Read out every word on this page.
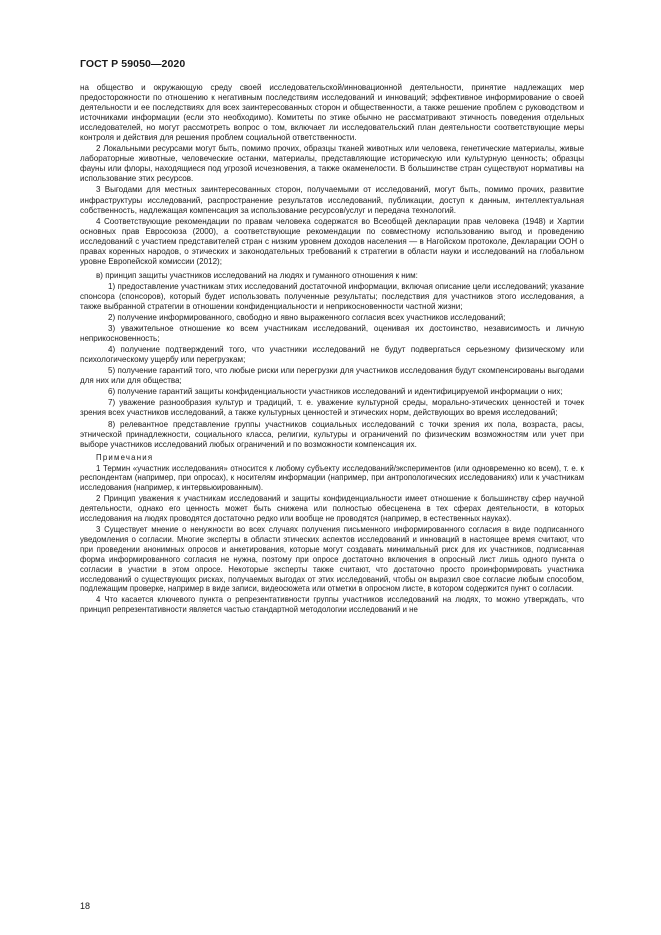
ГОСТ Р 59050—2020

на общество и окружающую среду своей исследовательской/инновационной деятельности, принятие надлежащих мер предосторожности по отношению к негативным последствиям исследований и инноваций; эффективное информирование о своей деятельности и ее последствиях для всех заинтересованных сторон и общественности, а также решение проблем с руководством и источниками информации (если это необходимо). Комитеты по этике обычно не рассматривают этичность поведения отдельных исследователей, но могут рассмотреть вопрос о том, включает ли исследовательский план деятельности соответствующие меры контроля и действия для решения проблем социальной ответственности.

2 Локальными ресурсами могут быть, помимо прочих, образцы тканей животных или человека, генетические материалы, живые лабораторные животные, человеческие останки, материалы, представляющие историческую или культурную ценность; образцы фауны или флоры, находящиеся под угрозой исчезновения, а также окаменелости. В большинстве стран существуют нормативы на использование этих ресурсов.

3 Выгодами для местных заинтересованных сторон, получаемыми от исследований, могут быть, помимо прочих, развитие инфраструктуры исследований, распространение результатов исследований, публикации, доступ к данным, интеллектуальная собственность, надлежащая компенсация за использование ресурсов/услуг и передача технологий.

4 Соответствующие рекомендации по правам человека содержатся во Всеобщей декларации прав человека (1948) и Хартии основных прав Евросоюза (2000), а соответствующие рекомендации по совместному использованию выгод и проведению исследований с участием представителей стран с низким уровнем доходов населения — в Нагойском протоколе, Декларации ООН о правах коренных народов, о этических и законодательных требований к стратегии в области науки и исследований на глобальном уровне Европейской комиссии (2012);

в) принцип защиты участников исследований на людях и гуманного отношения к ним:

1) предоставление участникам этих исследований достаточной информации, включая описание цели исследований; указание спонсора (спонсоров), который будет использовать полученные результаты; последствия для участников этого исследования, а также выбранной стратегии в отношении конфиденциальности и неприкосновенности частной жизни;

2) получение информированного, свободно и явно выраженного согласия всех участников исследований;

3) уважительное отношение ко всем участникам исследований, оценивая их достоинство, независимость и личную неприкосновенность;

4) получение подтверждений того, что участники исследований не будут подвергаться серьезному физическому или психологическому ущербу или перегрузкам;

5) получение гарантий того, что любые риски или перегрузки для участников исследования будут скомпенсированы выгодами для них или для общества;

6) получение гарантий защиты конфиденциальности участников исследований и идентифицируемой информации о них;

7) уважение разнообразия культур и традиций, т. е. уважение культурной среды, морально-этических ценностей и точек зрения всех участников исследований, а также культурных ценностей и этических норм, действующих во время исследований;

8) релевантное представление группы участников социальных исследований с точки зрения их пола, возраста, расы, этнической принадлежности, социального класса, религии, культуры и ограничений по физическим возможностям или учет при выборе участников исследований любых ограничений и по возможности компенсация их.

Примечания

1 Термин «участник исследования» относится к любому субъекту исследований/экспериментов (или одновременно ко всем), т. е. к респондентам (например, при опросах), к носителям информации (например, при антропологических исследованиях) или к участникам исследования (например, к интервьюированным).

2 Принцип уважения к участникам исследований и защиты конфиденциальности имеет отношение к большинству сфер научной деятельности, однако его ценность может быть снижена или полностью обесценена в тех сферах деятельности, в которых исследования на людях проводятся достаточно редко или вообще не проводятся (например, в естественных науках).

3 Существует мнение о ненужности во всех случаях получения письменного информированного согласия в виде подписанного уведомления о согласии. Многие эксперты в области этических аспектов исследований и инноваций в настоящее время считают, что при проведении анонимных опросов и анкетирования, которые могут создавать минимальный риск для их участников, подписанная форма информированного согласия не нужна, поэтому при опросе достаточно включения в опросный лист лишь одного пункта о согласии в участии в этом опросе. Некоторые эксперты также считают, что достаточно просто проинформировать участника исследований о существующих рисках, получаемых выгодах от этих исследований, чтобы он выразил свое согласие любым способом, подлежащим проверке, например в виде записи, видеосюжета или отметки в опросном листе, в котором содержится пункт о согласии.

4 Что касается ключевого пункта о репрезентативности группы участников исследований на людях, то можно утверждать, что принцип репрезентативности является частью стандартной методологии исследований и не

18
